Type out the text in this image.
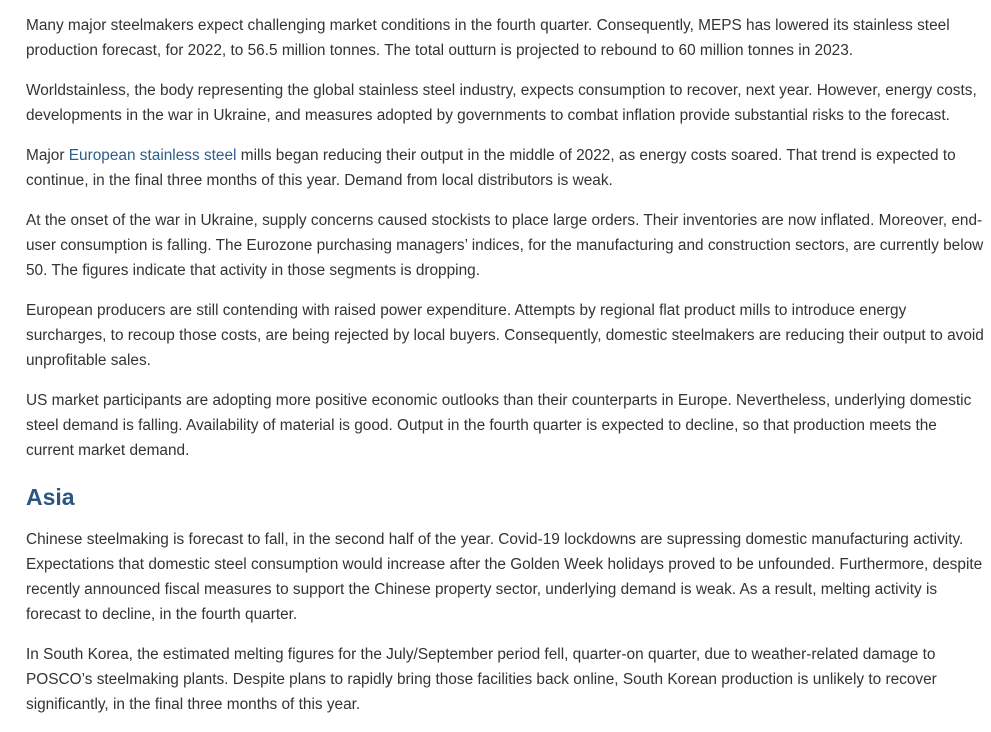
Many major steelmakers expect challenging market conditions in the fourth quarter. Consequently, MEPS has lowered its stainless steel production forecast, for 2022, to 56.5 million tonnes. The total outturn is projected to rebound to 60 million tonnes in 2023.

Worldstainless, the body representing the global stainless steel industry, expects consumption to recover, next year. However, energy costs, developments in the war in Ukraine, and measures adopted by governments to combat inflation provide substantial risks to the forecast.

Major European stainless steel mills began reducing their output in the middle of 2022, as energy costs soared. That trend is expected to continue, in the final three months of this year. Demand from local distributors is weak.

At the onset of the war in Ukraine, supply concerns caused stockists to place large orders. Their inventories are now inflated. Moreover, end-user consumption is falling. The Eurozone purchasing managers’ indices, for the manufacturing and construction sectors, are currently below 50. The figures indicate that activity in those segments is dropping.

European producers are still contending with raised power expenditure. Attempts by regional flat product mills to introduce energy surcharges, to recoup those costs, are being rejected by local buyers. Consequently, domestic steelmakers are reducing their output to avoid unprofitable sales.

US market participants are adopting more positive economic outlooks than their counterparts in Europe. Nevertheless, underlying domestic steel demand is falling. Availability of material is good. Output in the fourth quarter is expected to decline, so that production meets the current market demand.

Asia

Chinese steelmaking is forecast to fall, in the second half of the year. Covid-19 lockdowns are supressing domestic manufacturing activity. Expectations that domestic steel consumption would increase after the Golden Week holidays proved to be unfounded. Furthermore, despite recently announced fiscal measures to support the Chinese property sector, underlying demand is weak. As a result, melting activity is forecast to decline, in the fourth quarter.

In South Korea, the estimated melting figures for the July/September period fell, quarter-on quarter, due to weather-related damage to POSCO’s steelmaking plants. Despite plans to rapidly bring those facilities back online, South Korean production is unlikely to recover significantly, in the final three months of this year.
